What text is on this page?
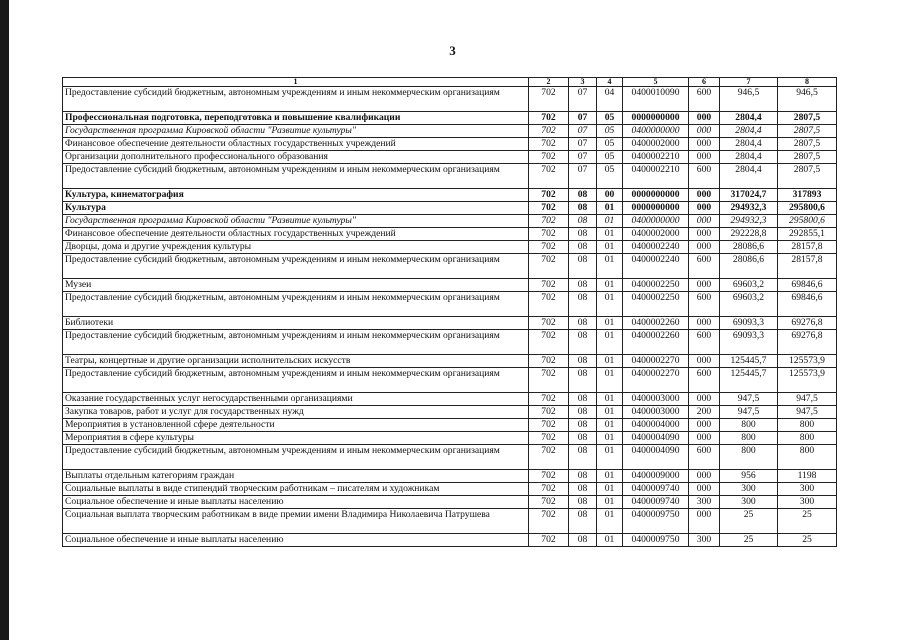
3
1	2	3	4	5	6	7	8
Предоставление субсидий бюджетным, автономным учреждениям и иным некоммерческим организациям	702	07	04	0400010090	600	946,5	946,5
Профессиональная подготовка, переподготовка и повышение квалификации	702	07	05	0000000000	000	2804,4	2807,5
Государственная программа Кировской области "Развитие культуры"	702	07	05	0400000000	000	2804,4	2807,5
Финансовое обеспечение деятельности областных государственных учреждений	702	07	05	0400002000	000	2804,4	2807,5
Организации дополнительного профессионального образования	702	07	05	0400002210	000	2804,4	2807,5
Предоставление субсидий бюджетным, автономным учреждениям и иным некоммерческим организациям	702	07	05	0400002210	600	2804,4	2807,5
Культура, кинематография	702	08	00	0000000000	000	317024,7	317893
Культура	702	08	01	0000000000	000	294932,3	295800,6
Государственная программа Кировской области "Развитие культуры"	702	08	01	0400000000	000	294932,3	295800,6
Финансовое обеспечение деятельности областных государственных учреждений	702	08	01	0400002000	000	292228,8	292855,1
Дворцы, дома и другие учреждения культуры	702	08	01	0400002240	000	28086,6	28157,8
Предоставление субсидий бюджетным, автономным учреждениям и иным некоммерческим организациям	702	08	01	0400002240	600	28086,6	28157,8
Музеи	702	08	01	0400002250	000	69603,2	69846,6
Предоставление субсидий бюджетным, автономным учреждениям и иным некоммерческим организациям	702	08	01	0400002250	600	69603,2	69846,6
Библиотеки	702	08	01	0400002260	000	69093,3	69276,8
Предоставление субсидий бюджетным, автономным учреждениям и иным некоммерческим организациям	702	08	01	0400002260	600	69093,3	69276,8
Театры, концертные и другие организации исполнительских искусств	702	08	01	0400002270	000	125445,7	125573,9
Предоставление субсидий бюджетным, автономным учреждениям и иным некоммерческим организациям	702	08	01	0400002270	600	125445,7	125573,9
Оказание государственных услуг негосударственными организациями	702	08	01	0400003000	000	947,5	947,5
Закупка товаров, работ и услуг для государственных нужд	702	08	01	0400003000	200	947,5	947,5
Мероприятия в установленной сфере деятельности	702	08	01	0400004000	000	800	800
Мероприятия в сфере культуры	702	08	01	0400004090	000	800	800
Предоставление субсидий бюджетным, автономным учреждениям и иным некоммерческим организациям	702	08	01	0400004090	600	800	800
Выплаты отдельным категориям граждан	702	08	01	0400009000	000	956	1198
Социальные выплаты в виде стипендий творческим работникам – писателям и художникам	702	08	01	0400009740	000	300	300
Социальное обеспечение и иные выплаты населению	702	08	01	0400009740	300	300	300
Социальная выплата творческим работникам в виде премии имени Владимира Николаевича Патрушева	702	08	01	0400009750	000	25	25
Социальное обеспечение и иные выплаты населению	702	08	01	0400009750	300	25	25
